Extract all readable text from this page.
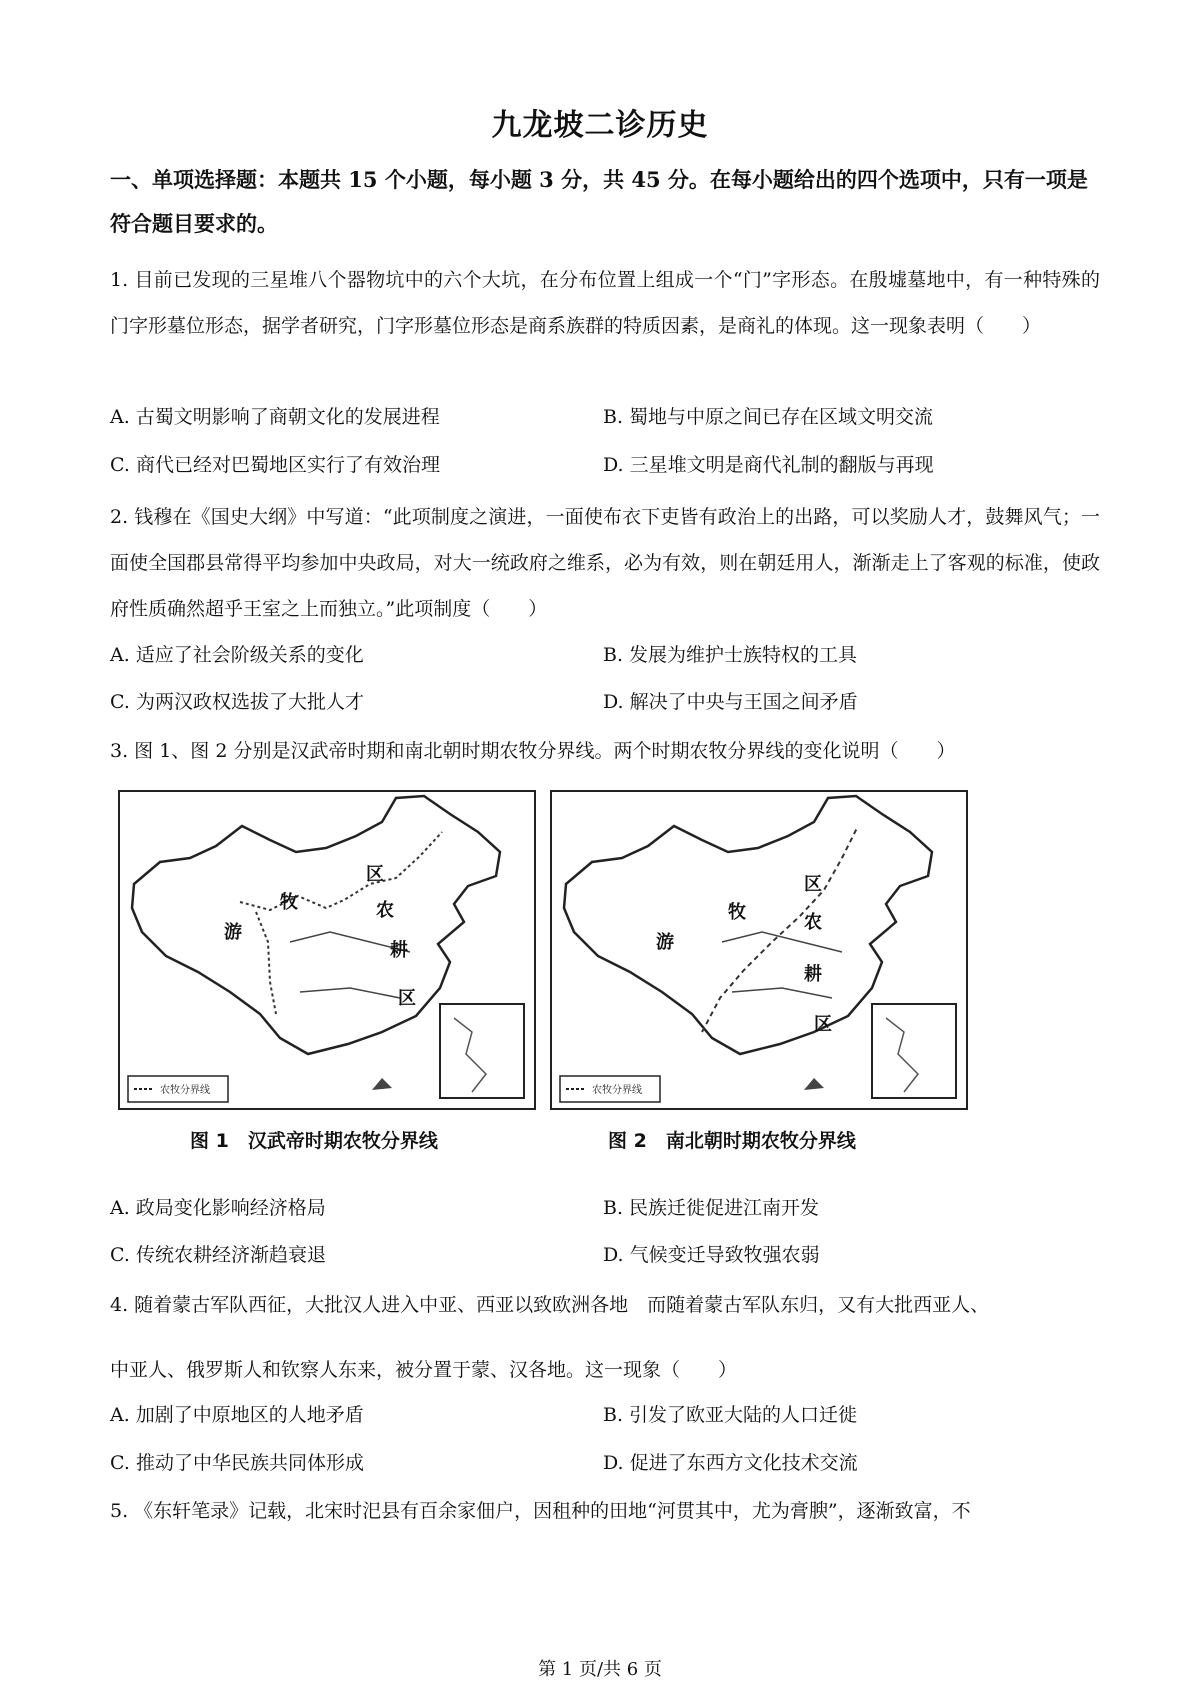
九龙坡二诊历史
一、单项选择题：本题共 15 个小题，每小题 3 分，共 45 分。在每小题给出的四个选项中，只有一项是符合题目要求的。
1. 目前已发现的三星堆八个器物坑中的六个大坑，在分布位置上组成一个“门”字形态。在殷墟墓地中，有一种特殊的门字形墓位形态，据学者研究，门字形墓位形态是商系族群的特质因素，是商礼的体现。这一现象表明（　　）
A. 古蜀文明影响了商朝文化的发展进程	B. 蜀地与中原之间已存在区域文明交流
C. 商代已经对巴蜀地区实行了有效治理	D. 三星堆文明是商代礼制的翻版与再现
2. 钱穆在《国史大纲》中写道：“此项制度之演进，一面使布衣下吏皆有政治上的出路，可以奖励人才，鼓舞风气；一面使全国郡县常得平均参加中央政局，对大一统政府之维系，必为有效，则在朝廷用人，渐渐走上了客观的标准，使政府性质确然超乎王室之上而独立。”此项制度（　　）
A. 适应了社会阶级关系的变化	B. 发展为维护士族特权的工具
C. 为两汉政权选拔了大批人才	D. 解决了中央与王国之间矛盾
3. 图 1、图 2 分别是汉武帝时期和南北朝时期农牧分界线。两个时期农牧分界线的变化说明（　　）
农牧分界线
游
牧
区
农
耕
区
图 1　汉武帝时期农牧分界线
农牧分界线
游
牧
区
农
耕
区
图 2　南北朝时期农牧分界线
A. 政局变化影响经济格局	B. 民族迁徙促进江南开发
C. 传统农耕经济渐趋衰退	D. 气候变迁导致牧强农弱
4. 随着蒙古军队西征，大批汉人进入中亚、西亚以致欧洲各地　而随着蒙古军队东归，又有大批西亚人、
中亚人、俄罗斯人和钦察人东来，被分置于蒙、汉各地。这一现象（　　）
A. 加剧了中原地区的人地矛盾	B. 引发了欧亚大陆的人口迁徙
C. 推动了中华民族共同体形成	D. 促进了东西方文化技术交流
5. 《东轩笔录》记载，北宋时汜县有百余家佃户，因租种的田地“河贯其中，尤为膏腴”，逐渐致富，不
第 1 页/共 6 页
